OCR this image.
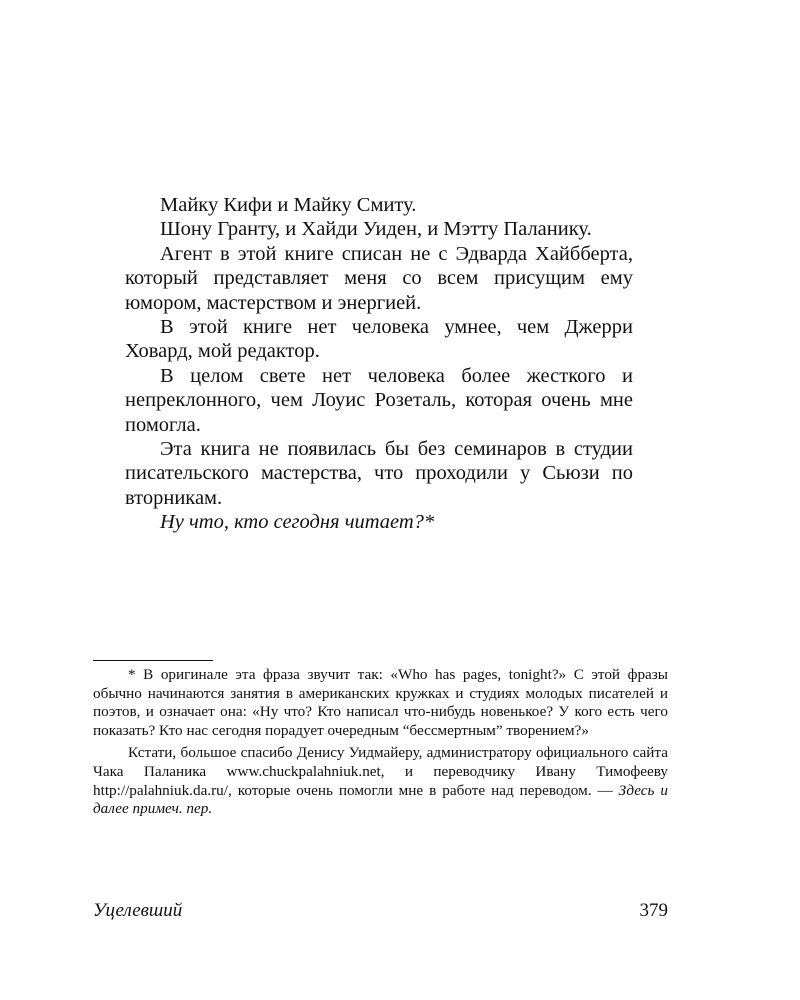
Майку Кифи и Майку Смиту.

Шону Гранту, и Хайди Уиден, и Мэтту Паланику.

Агент в этой книге списан не с Эдварда Хайбберта, который представляет меня со всем присущим ему юмором, мастерством и энергией.

В этой книге нет человека умнее, чем Джерри Ховард, мой редактор.

В целом свете нет человека более жесткого и непреклонного, чем Лоуис Розеталь, которая очень мне помогла.

Эта книга не появилась бы без семинаров в студии писательского мастерства, что проходили у Сьюзи по вторникам.

Ну что, кто сегодня читает?*

* В оригинале эта фраза звучит так: «Who has pages, tonight?» С этой фразы обычно начинаются занятия в американских кружках и студиях молодых писателей и поэтов, и означает она: «Ну что? Кто написал что-нибудь новенькое? У кого есть чего показать? Кто нас сегодня порадует очередным “бессмертным” творением?»

Кстати, большое спасибо Денису Уидмайеру, администратору официального сайта Чака Паланика www.chuckpalahniuk.net, и переводчику Ивану Тимофееву http://palahniuk.da.ru/, которые очень помогли мне в работе над переводом. — Здесь и далее примеч. пер.

Уцелевший	379
